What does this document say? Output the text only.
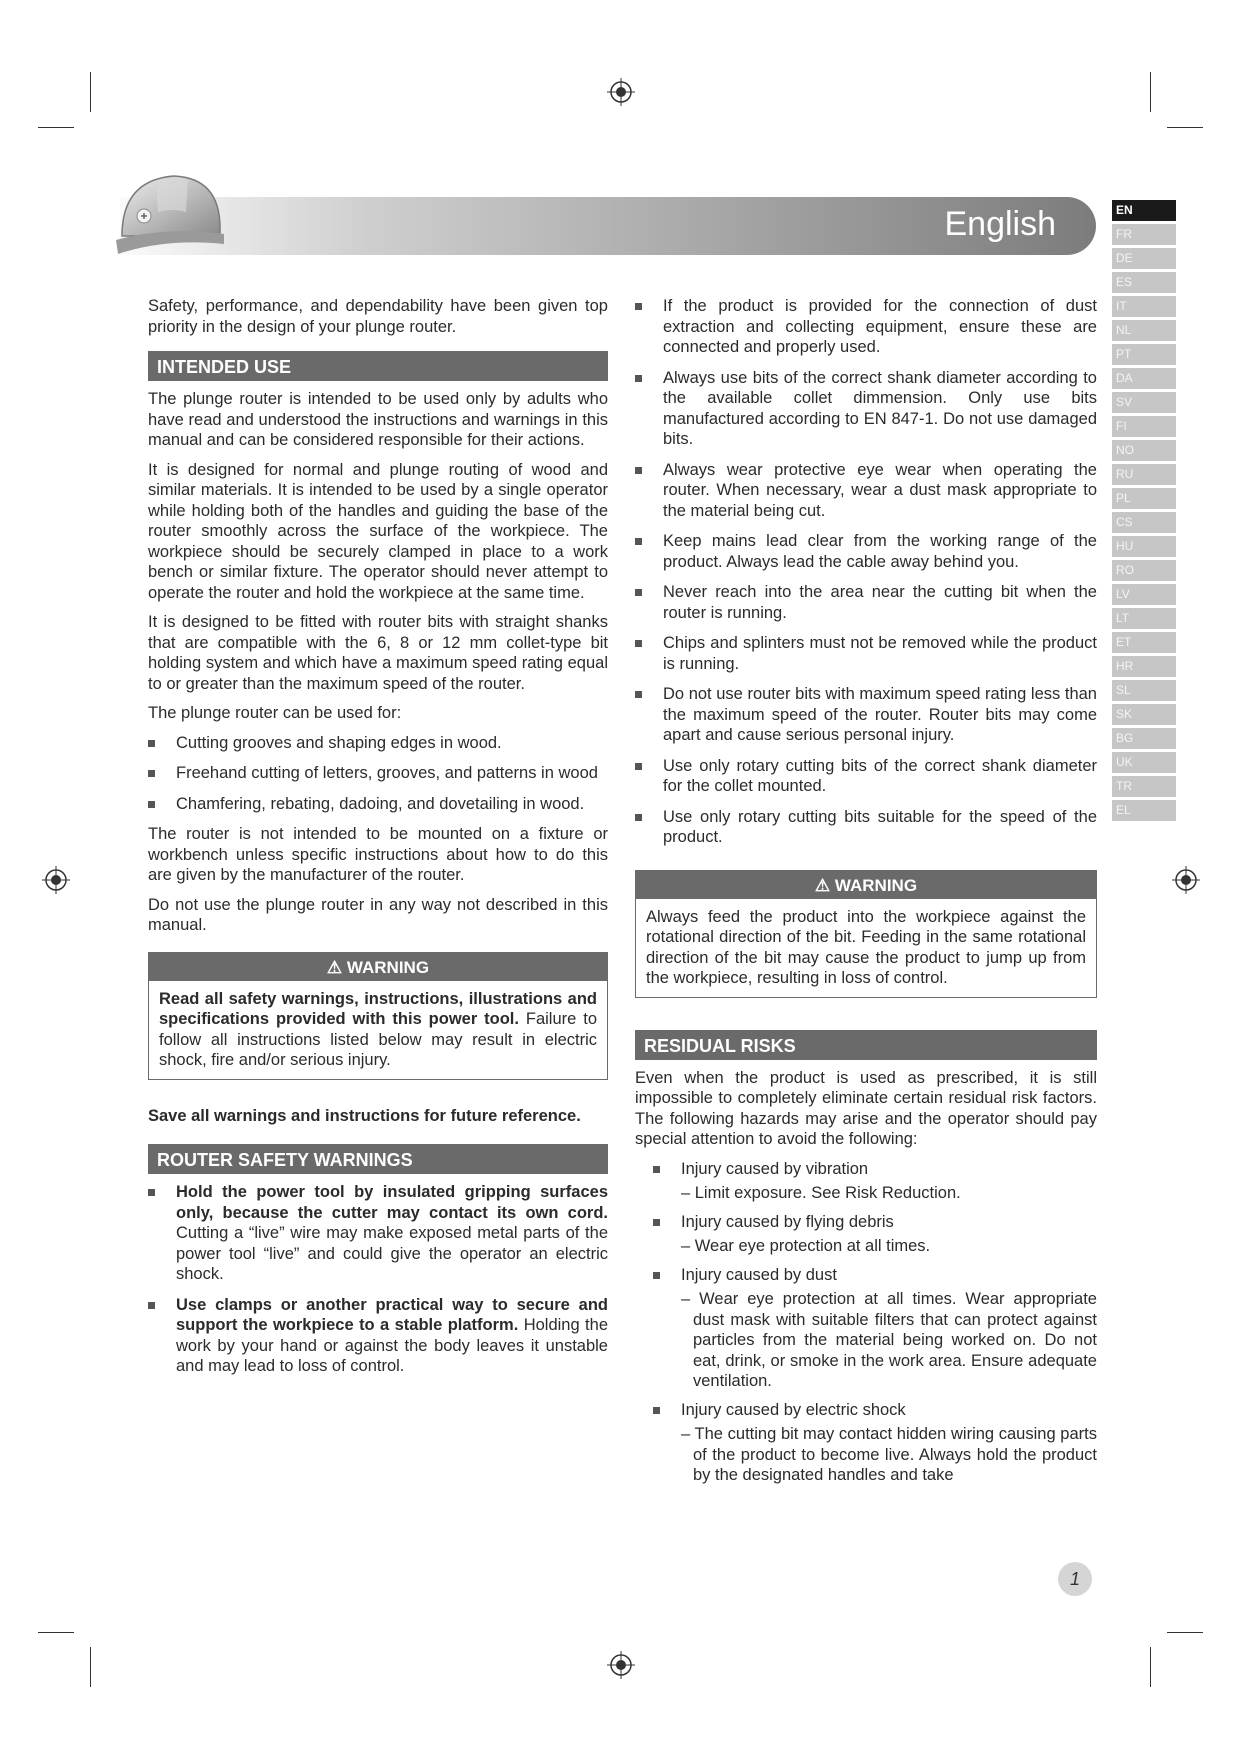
English	EN
FR
DE
ES
IT
NL
PT
DA
SV
FI
NO
RU
PL
CS
HU
RO
LV
LT
ET
HR
SL
SK
BG
UK
TR
EL

Safety, performance, and dependability have been given top priority in the design of your plunge router.

INTENDED USE

The plunge router is intended to be used only by adults who have read and understood the instructions and warnings in this manual and can be considered responsible for their actions.

It is designed for normal and plunge routing of wood and similar materials. It is intended to be used by a single operator while holding both of the handles and guiding the base of the router smoothly across the surface of the workpiece. The workpiece should be securely clamped in place to a work bench or similar fixture. The operator should never attempt to operate the router and hold the workpiece at the same time.

It is designed to be fitted with router bits with straight shanks that are compatible with the 6, 8 or 12 mm collet-type bit holding system and which have a maximum speed rating equal to or greater than the maximum speed of the router.

The plunge router can be used for:

Cutting grooves and shaping edges in wood.
Freehand cutting of letters, grooves, and patterns in wood
Chamfering, rebating, dadoing, and dovetailing in wood.

The router is not intended to be mounted on a fixture or workbench unless specific instructions about how to do this are given by the manufacturer of the router.

Do not use the plunge router in any way not described in this manual.

⚠ WARNING
Read all safety warnings, instructions, illustrations and specifications provided with this power tool. Failure to follow all instructions listed below may result in electric shock, fire and/or serious injury.
Save all warnings and instructions for future reference.
ROUTER SAFETY WARNINGS
Hold the power tool by insulated gripping surfaces only, because the cutter may contact its own cord. Cutting a “live” wire may make exposed metal parts of the power tool “live” and could give the operator an electric shock.
Use clamps or another practical way to secure and support the workpiece to a stable platform. Holding the work by your hand or against the body leaves it unstable and may lead to loss of control.
If the product is provided for the connection of dust extraction and collecting equipment, ensure these are connected and properly used.
Always use bits of the correct shank diameter according to the available collet dimmension. Only use bits manufactured according to EN 847-1. Do not use damaged bits.
Always wear protective eye wear when operating the router. When necessary, wear a dust mask appropriate to the material being cut.
Keep mains lead clear from the working range of the product. Always lead the cable away behind you.
Never reach into the area near the cutting bit when the router is running.
Chips and splinters must not be removed while the product is running.
Do not use router bits with maximum speed rating less than the maximum speed of the router. Router bits may come apart and cause serious personal injury.
Use only rotary cutting bits of the correct shank diameter for the collet mounted.
Use only rotary cutting bits suitable for the speed of the product.
⚠ WARNING
Always feed the product into the workpiece against the rotational direction of the bit. Feeding in the same rotational direction of the bit may cause the product to jump up from the workpiece, resulting in loss of control.
RESIDUAL RISKS

Even when the product is used as prescribed, it is still impossible to completely eliminate certain residual risk factors. The following hazards may arise and the operator should pay special attention to avoid the following:

Injury caused by vibration
– Limit exposure. See Risk Reduction.
Injury caused by flying debris
– Wear eye protection at all times.
Injury caused by dust
– Wear eye protection at all times. Wear appropriate dust mask with suitable filters that can protect against particles from the material being worked on. Do not eat, drink, or smoke in the work area. Ensure adequate ventilation.
Injury caused by electric shock
– The cutting bit may contact hidden wiring causing parts of the product to become live. Always hold the product by the designated handles and take
1
